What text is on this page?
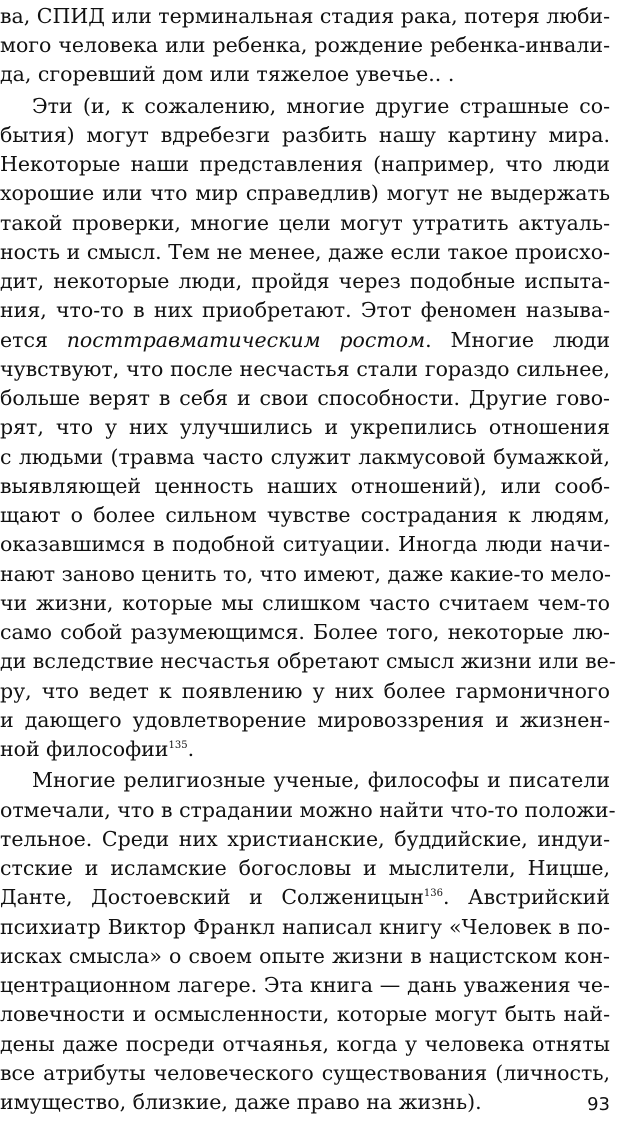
ва, СПИД или терминальная стадия рака, потеря люби-
мого человека или ребенка, рождение ребенка-инвали-
да, сгоревший дом или тяжелое увечье.. .
Эти (и, к сожалению, многие другие страшные со-
бытия) могут вдребезги разбить нашу картину мира.
Некоторые наши представления (например, что люди
хорошие или что мир справедлив) могут не выдержать
такой проверки, многие цели могут утратить актуаль-
ность и смысл. Тем не менее, даже если такое происхо-
дит, некоторые люди, пройдя через подобные испыта-
ния, что-то в них приобретают. Этот феномен называ-
ется посттравматическим ростом. Многие люди
чувствуют, что после несчастья стали гораздо сильнее,
больше верят в себя и свои способности. Другие гово-
рят, что у них улучшились и укрепились отношения
с людьми (травма часто служит лакмусовой бумажкой,
выявляющей ценность наших отношений), или сооб-
щают о более сильном чувстве сострадания к людям,
оказавшимся в подобной ситуации. Иногда люди начи-
нают заново ценить то, что имеют, даже какие-то мело-
чи жизни, которые мы слишком часто считаем чем-то
само собой разумеющимся. Более того, некоторые лю-
ди вследствие несчастья обретают смысл жизни или ве-
ру, что ведет к появлению у них более гармоничного
и дающего удовлетворение мировоззрения и жизнен-
ной философии$^{135}$.
Многие религиозные ученые, философы и писатели
отмечали, что в страдании можно найти что-то положи-
тельное. Среди них христианские, буддийские, индуи-
стские и исламские богословы и мыслители, Ницше,
Данте, Достоевский и Солженицын$^{136}$. Австрийский
психиатр Виктор Франкл написал книгу «Человек в по-
исках смысла» о своем опыте жизни в нацистском кон-
центрационном лагере. Эта книга — дань уважения че-
ловечности и осмысленности, которые могут быть най-
дены даже посреди отчаянья, когда у человека отняты
все атрибуты человеческого существования (личность,
имущество, близкие, даже право на жизнь).	93
